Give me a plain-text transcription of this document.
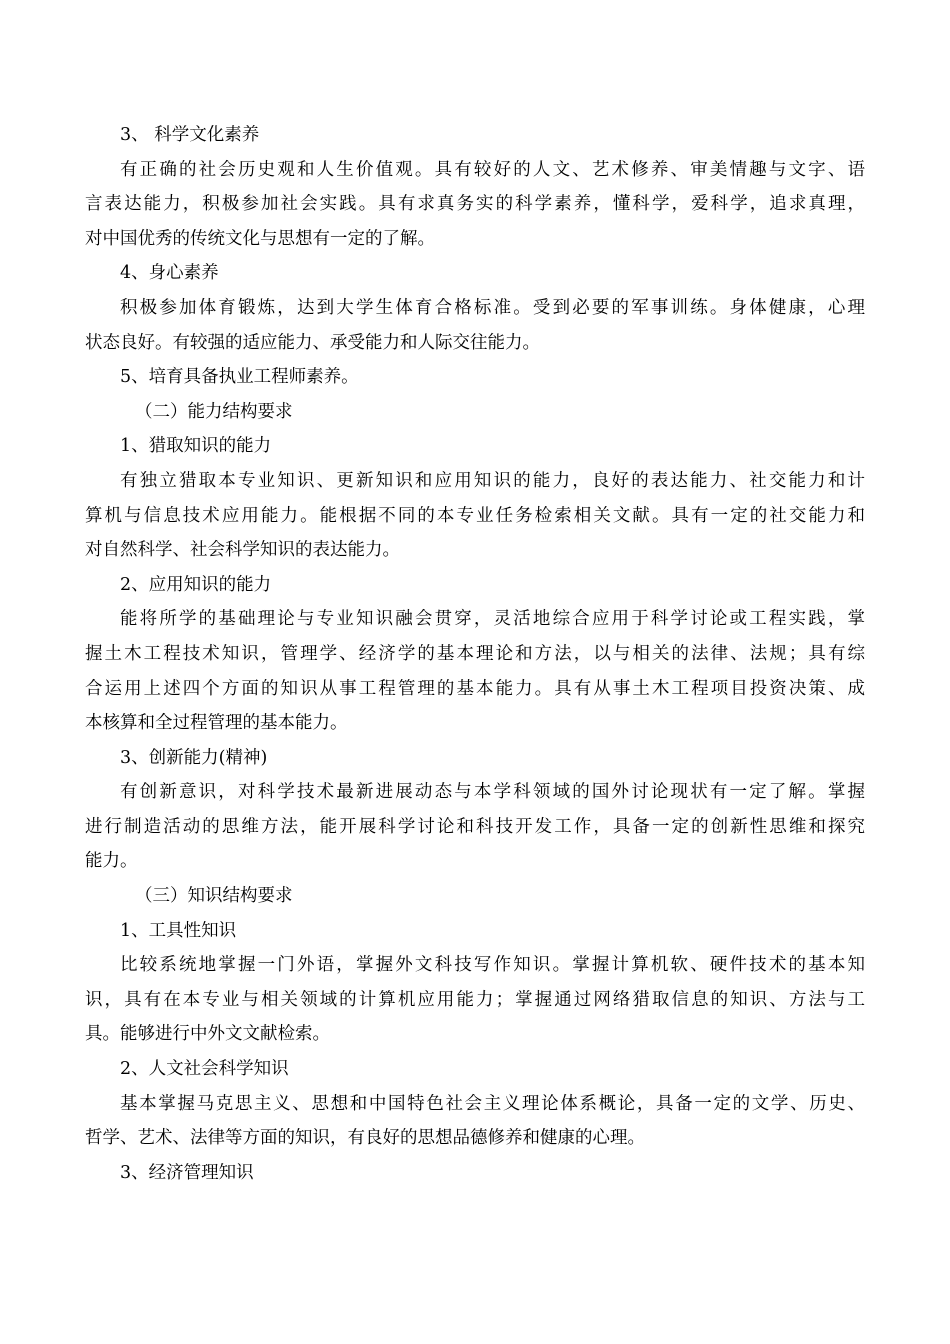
3、 科学文化素养
有正确的社会历史观和人生价值观。具有较好的人文、艺术修养、审美情趣与文字、语
言表达能力，积极参加社会实践。具有求真务实的科学素养，懂科学，爱科学，追求真理，
对中国优秀的传统文化与思想有一定的了解。
4、身心素养
积极参加体育锻炼，达到大学生体育合格标准。受到必要的军事训练。身体健康，心理
状态良好。有较强的适应能力、承受能力和人际交往能力。
5、培育具备执业工程师素养。
（二）能力结构要求
1、猎取知识的能力
有独立猎取本专业知识、更新知识和应用知识的能力，良好的表达能力、社交能力和计
算机与信息技术应用能力。能根据不同的本专业任务检索相关文献。具有一定的社交能力和
对自然科学、社会科学知识的表达能力。
2、应用知识的能力
能将所学的基础理论与专业知识融会贯穿，灵活地综合应用于科学讨论或工程实践，掌
握土木工程技术知识，管理学、经济学的基本理论和方法，以与相关的法律、法规；具有综
合运用上述四个方面的知识从事工程管理的基本能力。具有从事土木工程项目投资决策、成
本核算和全过程管理的基本能力。
3、创新能力(精神)
有创新意识，对科学技术最新进展动态与本学科领域的国外讨论现状有一定了解。掌握
进行制造活动的思维方法，能开展科学讨论和科技开发工作，具备一定的创新性思维和探究
能力。
（三）知识结构要求
1、工具性知识
比较系统地掌握一门外语，掌握外文科技写作知识。掌握计算机软、硬件技术的基本知
识，具有在本专业与相关领域的计算机应用能力；掌握通过网络猎取信息的知识、方法与工
具。能够进行中外文文献检索。
2、人文社会科学知识
基本掌握马克思主义、思想和中国特色社会主义理论体系概论，具备一定的文学、历史、
哲学、艺术、法律等方面的知识，有良好的思想品德修养和健康的心理。
3、经济管理知识
